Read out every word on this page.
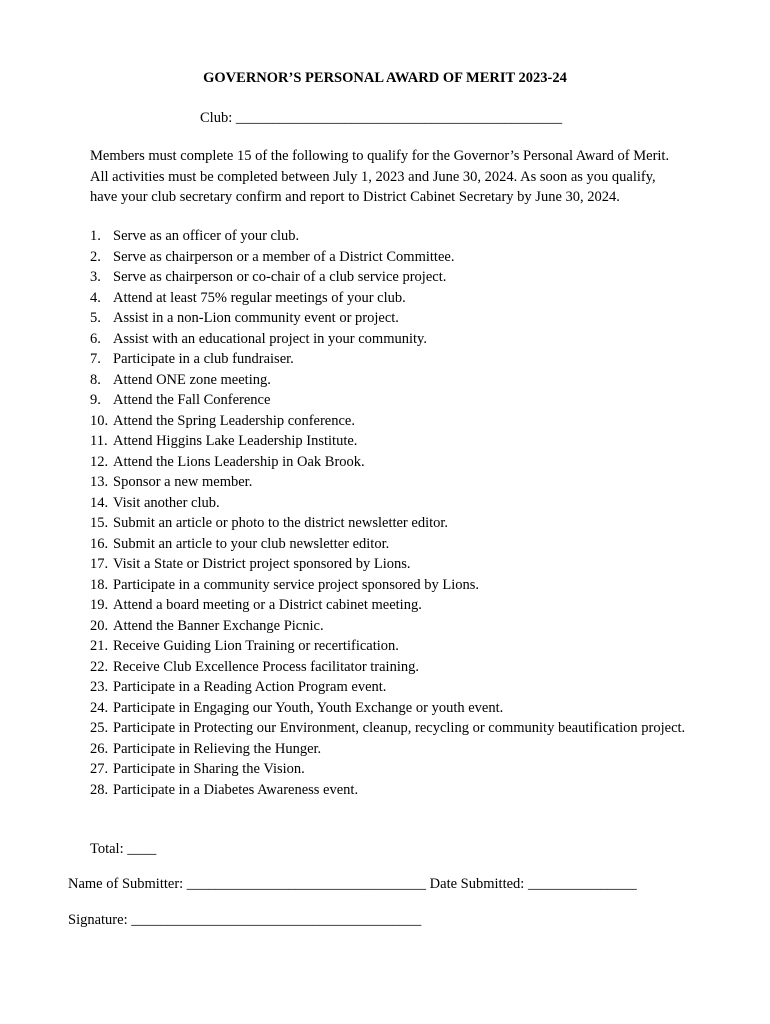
GOVERNOR’S PERSONAL AWARD OF MERIT 2023-24
Club: _____________________________________________
Members must complete 15 of the following to qualify for the Governor’s Personal Award of Merit.
All activities must be completed between July 1, 2023 and June 30, 2024. As soon as you qualify,
have your club secretary confirm and report to District Cabinet Secretary by June 30, 2024.
1. Serve as an officer of your club.
2. Serve as chairperson or a member of a District Committee.
3. Serve as chairperson or co-chair of a club service project.
4. Attend at least 75% regular meetings of your club.
5. Assist in a non-Lion community event or project.
6. Assist with an educational project in your community.
7. Participate in a club fundraiser.
8. Attend ONE zone meeting.
9. Attend the Fall Conference
10. Attend the Spring Leadership conference.
11. Attend Higgins Lake Leadership Institute.
12. Attend the Lions Leadership in Oak Brook.
13. Sponsor a new member.
14. Visit another club.
15. Submit an article or photo to the district newsletter editor.
16. Submit an article to your club newsletter editor.
17. Visit a State or District project sponsored by Lions.
18. Participate in a community service project sponsored by Lions.
19. Attend a board meeting or a District cabinet meeting.
20. Attend the Banner Exchange Picnic.
21. Receive Guiding Lion Training or recertification.
22. Receive Club Excellence Process facilitator training.
23. Participate in a Reading Action Program event.
24. Participate in Engaging our Youth, Youth Exchange or youth event.
25. Participate in Protecting our Environment, cleanup, recycling or community beautification project.
26. Participate in Relieving the Hunger.
27. Participate in Sharing the Vision.
28. Participate in a Diabetes Awareness event.
Total: ____
Name of Submitter: _________________________________ Date Submitted: _______________
Signature: ________________________________________
